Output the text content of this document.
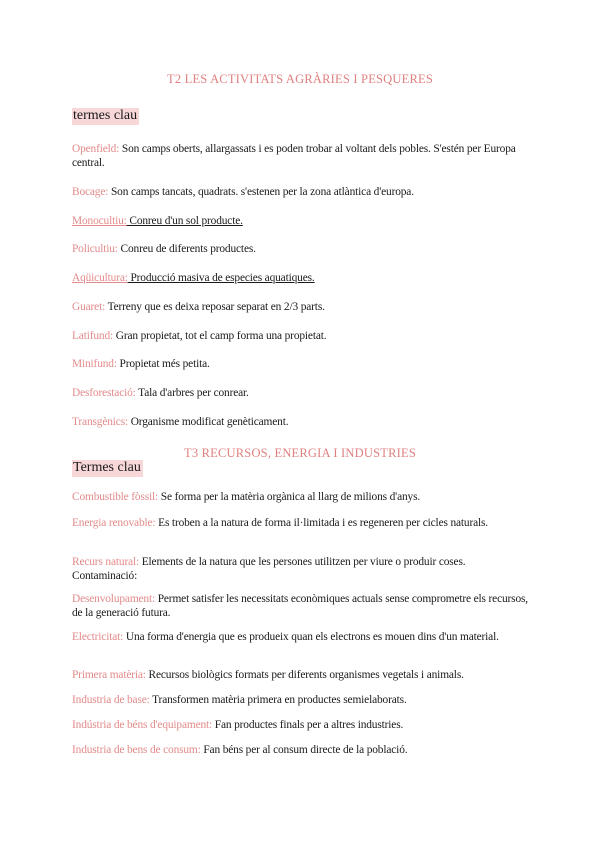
T2 LES ACTIVITATS AGRÀRIES I PESQUERES
termes clau
Openfield: Son camps oberts, allargassats i es poden trobar al voltant dels pobles. S'estén per Europa central.
Bocage: Son camps tancats, quadrats. s'estenen per la zona atlàntica d'europa.
Monocultiu: Conreu d'un sol producte.
Policultiu: Conreu de diferents productes.
Aqüicultura: Producció masiva de especies aquatiques.
Guaret: Terreny que es deixa reposar separat en 2/3 parts.
Latifund: Gran propietat, tot el camp forma una propietat.
Minifund: Propietat més petita.
Desforestació: Tala d'arbres per conrear.
Transgènics: Organisme modificat genèticament.
T3 RECURSOS, ENERGIA I INDUSTRIES
Termes clau
Combustible fòssil: Se forma per la matèria orgànica al llarg de milions d'anys.
Energia renovable: Es troben a la natura de forma il·limitada i es regeneren per cicles naturals.
Recurs natural: Elements de la natura que les persones utilitzen per viure o produir coses.
Contaminació:
Desenvolupament: Permet satisfer les necessitats econòmiques actuals sense comprometre els recursos, de la generació futura.
Electricitat: Una forma d'energia que es produeix quan els electrons es mouen dins d'un material.
Primera matèria: Recursos biològics formats per diferents organismes vegetals i animals.
Industria de base: Transformen matèria primera en productes semielaborats.
Indústria de béns d'equipament: Fan productes finals per a altres industries.
Industria de bens de consum: Fan béns per al consum directe de la població.
